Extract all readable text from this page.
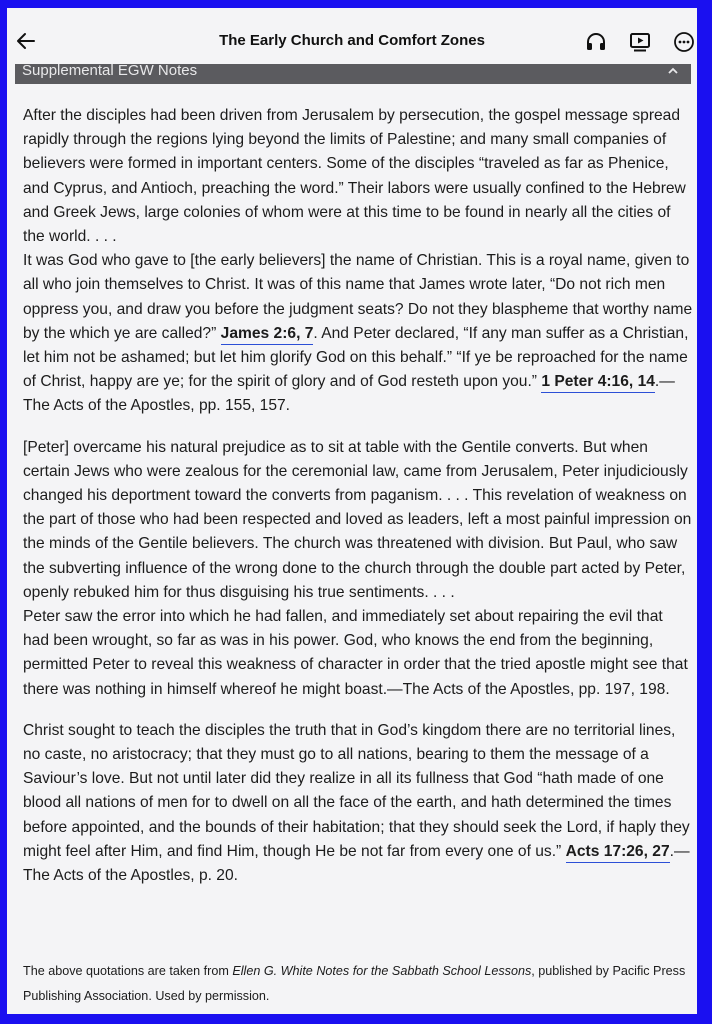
The Early Church and Comfort Zones
Supplemental EGW Notes

After the disciples had been driven from Jerusalem by persecution, the gospel message spread rapidly through the regions lying beyond the limits of Palestine; and many small companies of believers were formed in important centers. Some of the disciples “traveled as far as Phenice, and Cyprus, and Antioch, preaching the word.” Their labors were usually confined to the Hebrew and Greek Jews, large colonies of whom were at this time to be found in nearly all the cities of the world. . . .

It was God who gave to [the early believers] the name of Christian. This is a royal name, given to all who join themselves to Christ. It was of this name that James wrote later, “Do not rich men oppress you, and draw you before the judgment seats? Do not they blaspheme that worthy name by the which ye are called?” James 2:6, 7. And Peter declared, “If any man suffer as a Christian, let him not be ashamed; but let him glorify God on this behalf.” “If ye be reproached for the name of Christ, happy are ye; for the spirit of glory and of God resteth upon you.” 1 Peter 4:16, 14.—The Acts of the Apostles, pp. 155, 157.

[Peter] overcame his natural prejudice as to sit at table with the Gentile converts. But when certain Jews who were zealous for the ceremonial law, came from Jerusalem, Peter injudiciously changed his deportment toward the converts from paganism. . . . This revelation of weakness on the part of those who had been respected and loved as leaders, left a most painful impression on the minds of the Gentile believers. The church was threatened with division. But Paul, who saw the subverting influence of the wrong done to the church through the double part acted by Peter, openly rebuked him for thus disguising his true sentiments. . . .

Peter saw the error into which he had fallen, and immediately set about repairing the evil that had been wrought, so far as was in his power. God, who knows the end from the beginning, permitted Peter to reveal this weakness of character in order that the tried apostle might see that there was nothing in himself whereof he might boast.—The Acts of the Apostles, pp. 197, 198.

Christ sought to teach the disciples the truth that in God’s kingdom there are no territorial lines, no caste, no aristocracy; that they must go to all nations, bearing to them the message of a Saviour’s love. But not until later did they realize in all its fullness that God “hath made of one blood all nations of men for to dwell on all the face of the earth, and hath determined the times before appointed, and the bounds of their habitation; that they should seek the Lord, if haply they might feel after Him, and find Him, though He be not far from every one of us.” Acts 17:26, 27.—The Acts of the Apostles, p. 20.

The above quotations are taken from Ellen G. White Notes for the Sabbath School Lessons, published by Pacific Press Publishing Association. Used by permission.
